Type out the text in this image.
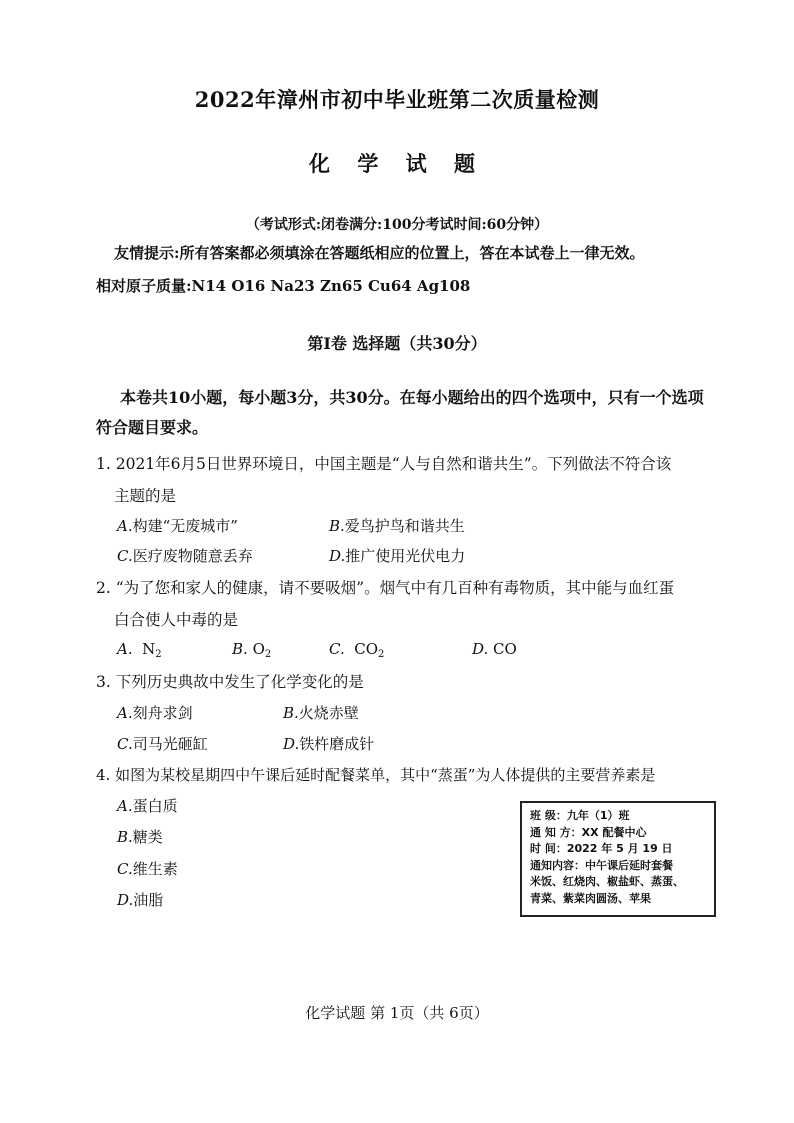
2022年漳州市初中毕业班第二次质量检测
化 学 试 题
（考试形式:闭卷满分:100分考试时间:60分钟）
友情提示:所有答案都必须填涂在答题纸相应的位置上，答在本试卷上一律无效。
相对原子质量:N14 O16 Na23 Zn65 Cu64 Ag108
第Ⅰ卷 选择题（共30分）
本卷共10小题，每小题3分，共30分。在每小题给出的四个选项中，只有一个选项符合题目要求。
1. 2021年6月5日世界环境日，中国主题是“人与自然和谐共生”。下列做法不符合该
主题的是
A.构建“无废城市”	B.爱鸟护鸟和谐共生
C.医疗废物随意丢弃	D.推广使用光伏电力
2. “为了您和家人的健康，请不要吸烟”。烟气中有几百种有毒物质，其中能与血红蛋
白合使人中毒的是
A. $N_2$	B. $O_2$	C. $CO_2$	D. CO
3. 下列历史典故中发生了化学变化的是
A.刻舟求剑	B.火烧赤壁
C.司马光砸缸	D.铁杵磨成针
4. 如图为某校星期四中午课后延时配餐菜单，其中“蒸蛋”为人体提供的主要营养素是
A.蛋白质
B.糖类
C.维生素
D.油脂
班 级：九年（1）班
通 知 方：XX 配餐中心
时 间：2022 年 5 月 19 日
通知内容：中午课后延时套餐
米饭、红烧肉、椒盐虾、蒸蛋、
青菜、紫菜肉圆汤、苹果
化学试题 第 1页（共 6页）
